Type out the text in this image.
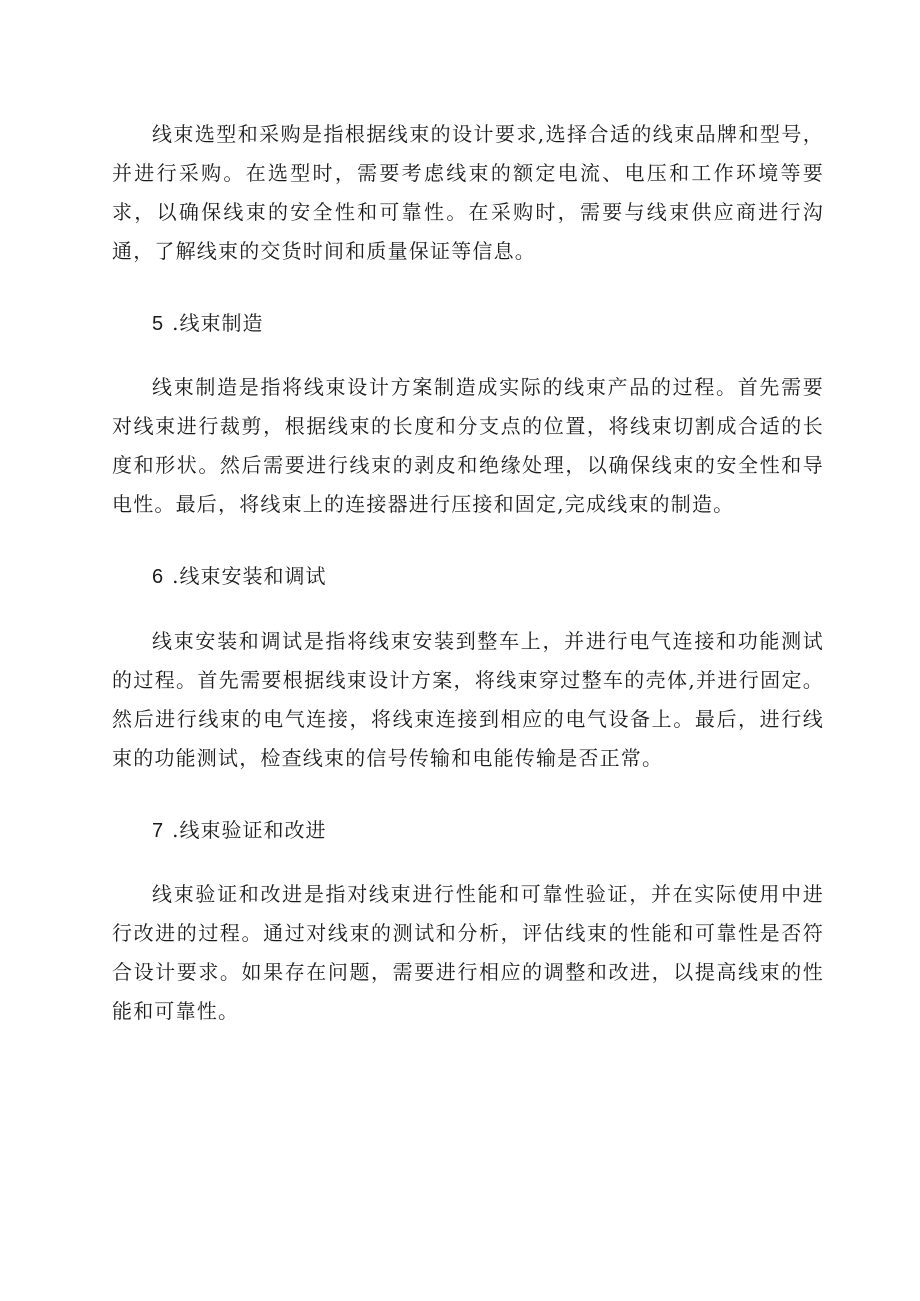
线束选型和采购是指根据线束的设计要求,选择合适的线束品牌和型号，并进行采购。在选型时，需要考虑线束的额定电流、电压和工作环境等要求，以确保线束的安全性和可靠性。在采购时，需要与线束供应商进行沟通，了解线束的交货时间和质量保证等信息。

5 .线束制造

线束制造是指将线束设计方案制造成实际的线束产品的过程。首先需要对线束进行裁剪，根据线束的长度和分支点的位置，将线束切割成合适的长度和形状。然后需要进行线束的剥皮和绝缘处理，以确保线束的安全性和导电性。最后，将线束上的连接器进行压接和固定,完成线束的制造。

6 .线束安装和调试

线束安装和调试是指将线束安装到整车上，并进行电气连接和功能测试的过程。首先需要根据线束设计方案，将线束穿过整车的壳体,并进行固定。然后进行线束的电气连接，将线束连接到相应的电气设备上。最后，进行线束的功能测试，检查线束的信号传输和电能传输是否正常。

7 .线束验证和改进

线束验证和改进是指对线束进行性能和可靠性验证，并在实际使用中进行改进的过程。通过对线束的测试和分析，评估线束的性能和可靠性是否符合设计要求。如果存在问题，需要进行相应的调整和改进，以提高线束的性能和可靠性。
